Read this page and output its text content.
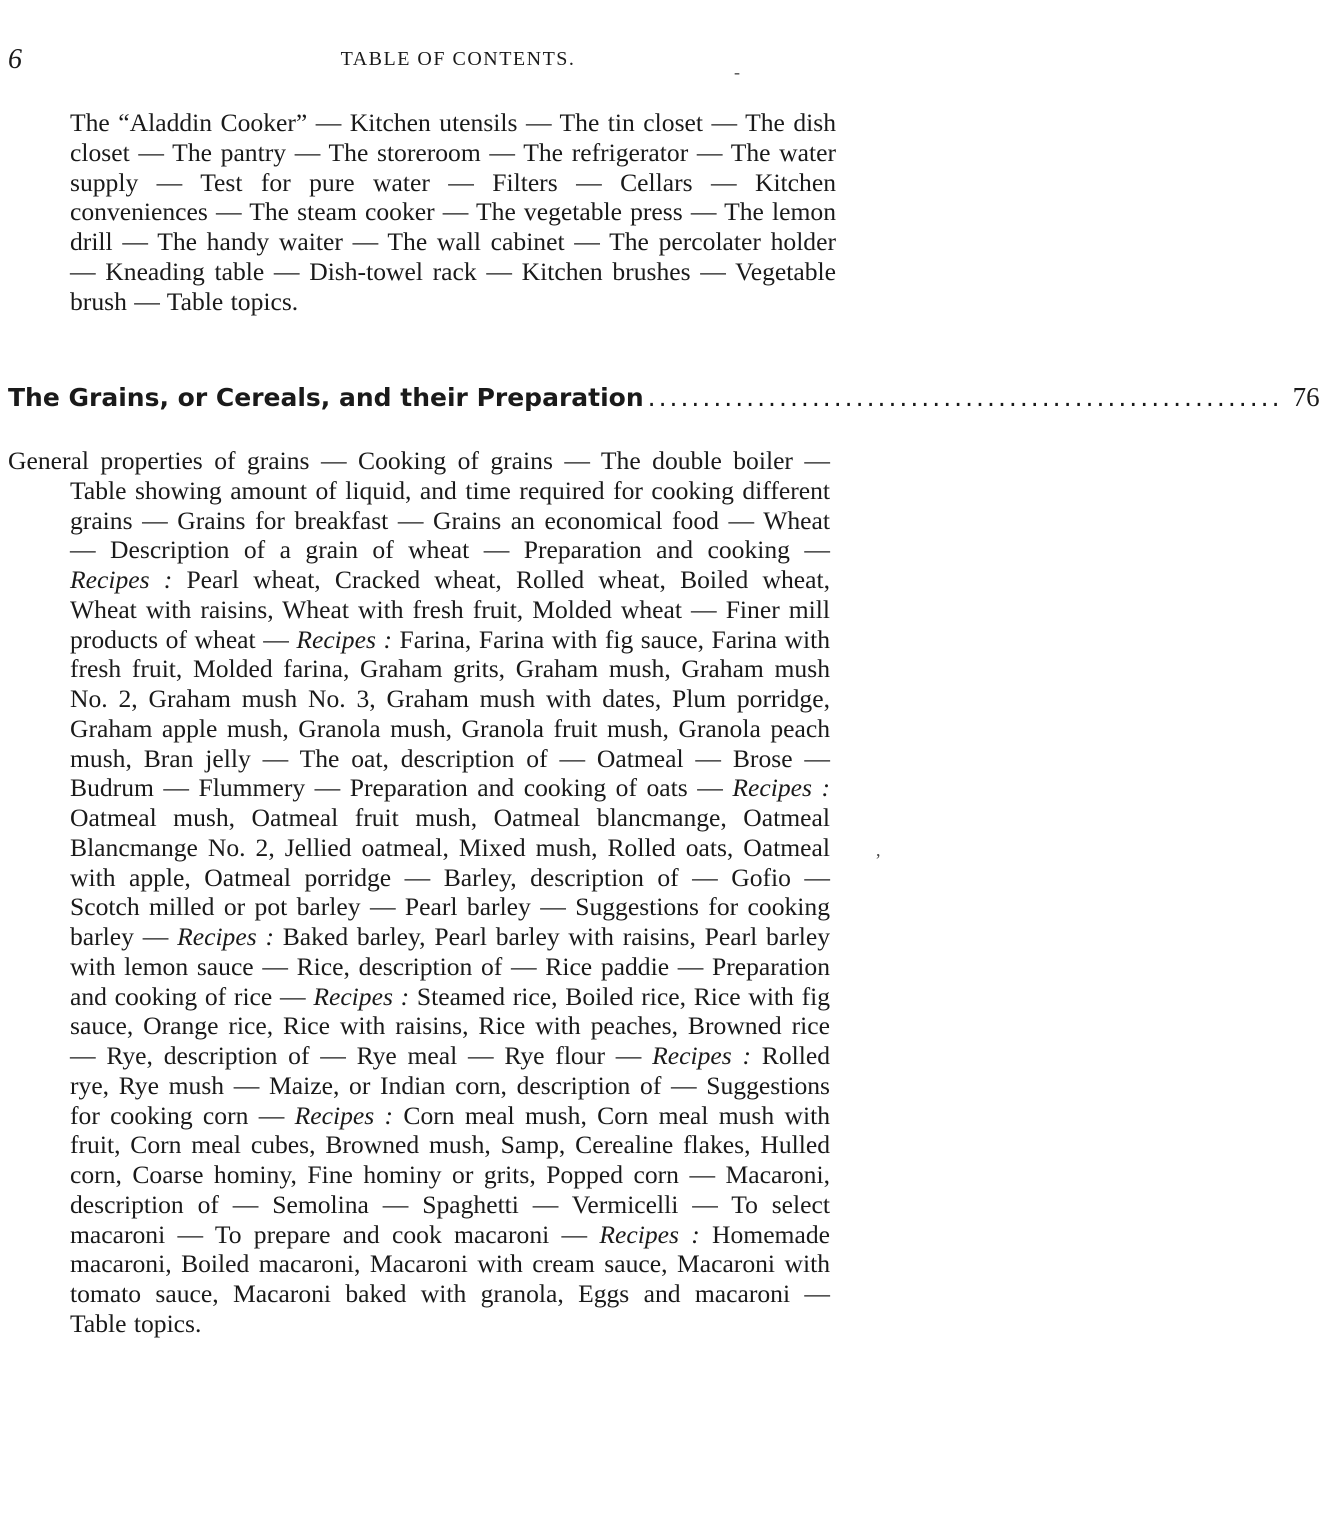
6	TABLE OF CONTENTS.
-
,

The “Aladdin Cooker” — Kitchen utensils — The tin closet — The dish closet — The pantry — The storeroom — The refrigerator — The water supply — Test for pure water — Filters — Cellars — Kitchen conveniences — The steam cooker — The vegetable press — The lemon drill — The handy waiter — The wall cabinet — The percolater holder — Kneading table — Dish-towel rack — Kitchen brushes — Vegetable brush — Table topics.

The Grains, or Cereals, and their Preparation .......................................................... 76

General properties of grains — Cooking of grains — The double boiler — Table showing amount of liquid, and time required for cooking different grains — Grains for breakfast — Grains an economical food — Wheat — Description of a grain of wheat — Preparation and cooking — Recipes : Pearl wheat, Cracked wheat, Rolled wheat, Boiled wheat, Wheat with raisins, Wheat with fresh fruit, Molded wheat — Finer mill products of wheat — Recipes : Farina, Farina with fig sauce, Farina with fresh fruit, Molded farina, Graham grits, Graham mush, Graham mush No. 2, Graham mush No. 3, Graham mush with dates, Plum porridge, Graham apple mush, Granola mush, Granola fruit mush, Granola peach mush, Bran jelly — The oat, description of — Oatmeal — Brose — Budrum — Flummery — Preparation and cooking of oats — Recipes : Oatmeal mush, Oatmeal fruit mush, Oatmeal blancmange, Oatmeal Blancmange No. 2, Jellied oatmeal, Mixed mush, Rolled oats, Oatmeal with apple, Oatmeal porridge — Barley, description of — Gofio — Scotch milled or pot barley — Pearl barley — Suggestions for cooking barley — Recipes : Baked barley, Pearl barley with raisins, Pearl barley with lemon sauce — Rice, description of — Rice paddie — Preparation and cooking of rice — Recipes : Steamed rice, Boiled rice, Rice with fig sauce, Orange rice, Rice with raisins, Rice with peaches, Browned rice — Rye, description of — Rye meal — Rye flour — Recipes : Rolled rye, Rye mush — Maize, or Indian corn, description of — Suggestions for cooking corn — Recipes : Corn meal mush, Corn meal mush with fruit, Corn meal cubes, Browned mush, Samp, Cerealine flakes, Hulled corn, Coarse hominy, Fine hominy or grits, Popped corn — Macaroni, description of — Semolina — Spaghetti — Vermicelli — To select macaroni — To prepare and cook macaroni — Recipes : Homemade macaroni, Boiled macaroni, Macaroni with cream sauce, Macaroni with tomato sauce, Macaroni baked with granola, Eggs and macaroni — Table topics.
